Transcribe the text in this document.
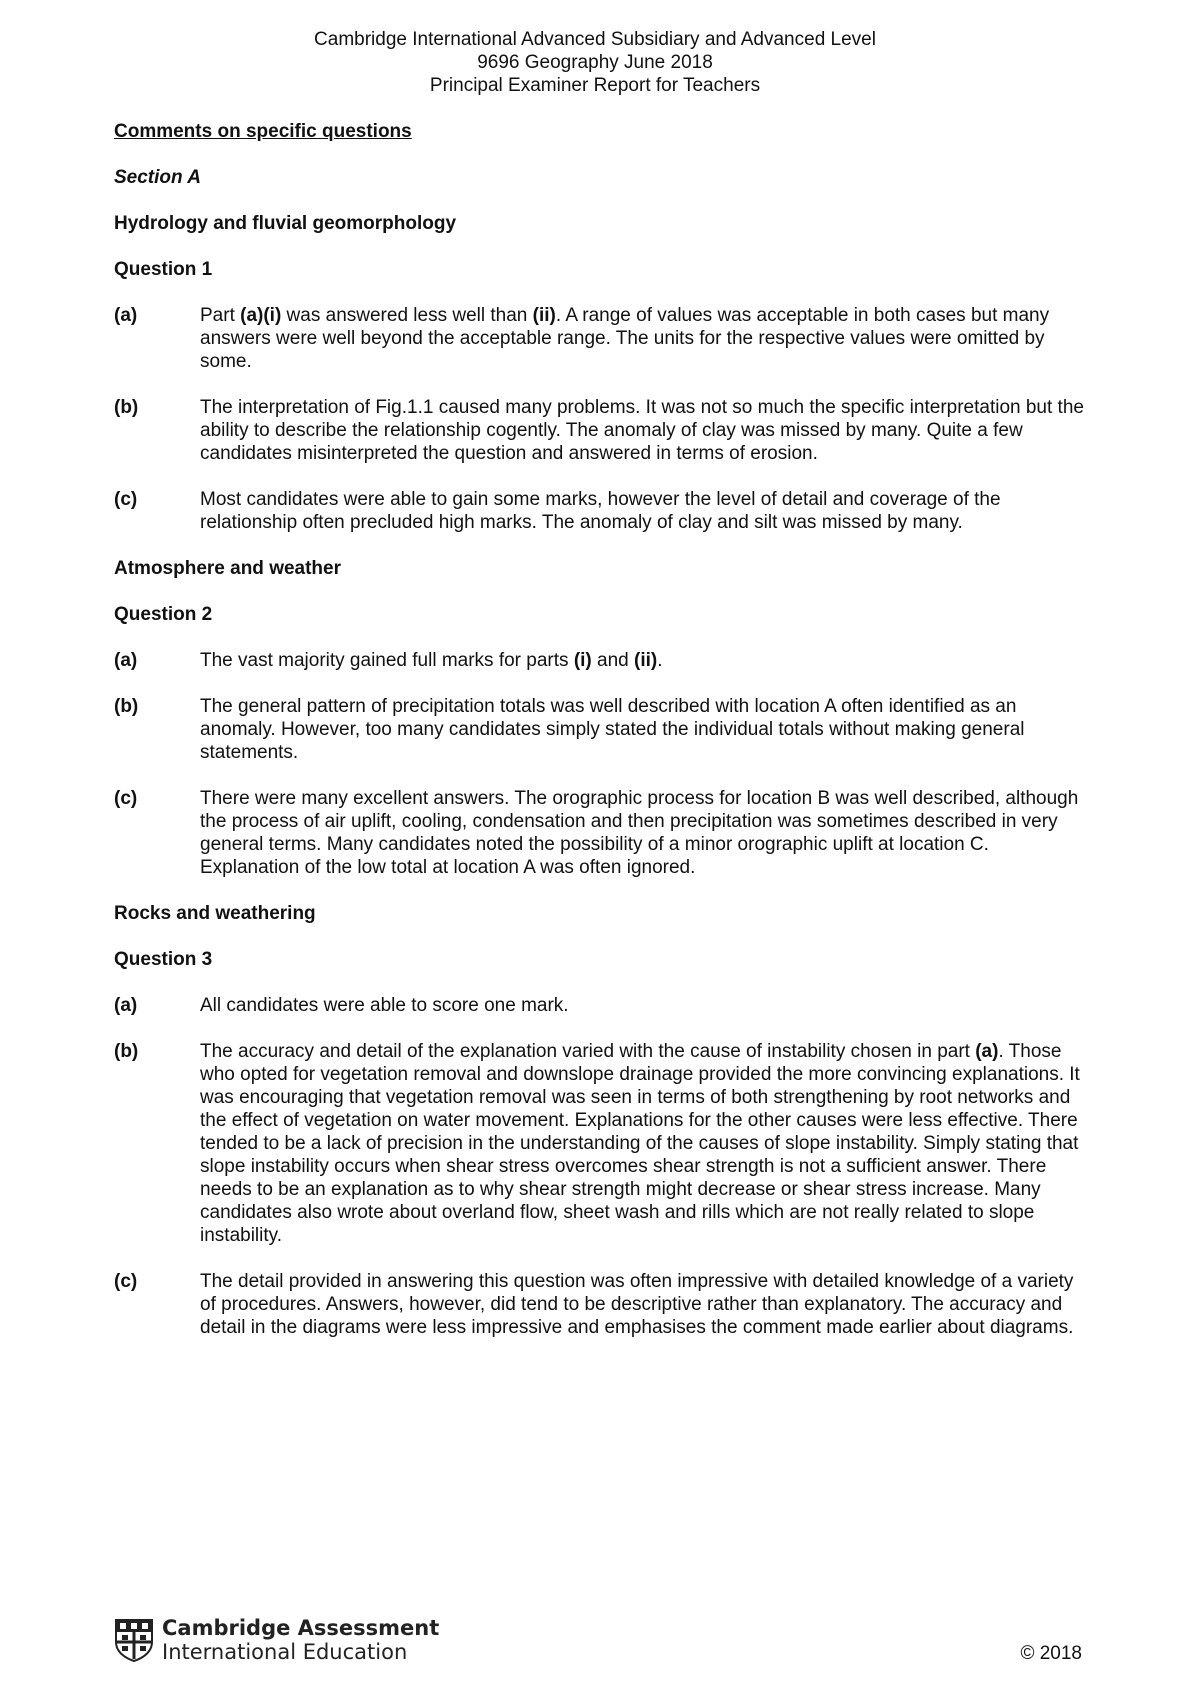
Cambridge International Advanced Subsidiary and Advanced Level
9696 Geography June 2018
Principal Examiner Report for Teachers
Comments on specific questions
Section A
Hydrology and fluvial geomorphology
Question 1
(a)	Part (a)(i) was answered less well than (ii). A range of values was acceptable in both cases but many answers were well beyond the acceptable range. The units for the respective values were omitted by some.
(b)	The interpretation of Fig.1.1 caused many problems. It was not so much the specific interpretation but the ability to describe the relationship cogently. The anomaly of clay was missed by many. Quite a few candidates misinterpreted the question and answered in terms of erosion.
(c)	Most candidates were able to gain some marks, however the level of detail and coverage of the relationship often precluded high marks. The anomaly of clay and silt was missed by many.
Atmosphere and weather
Question 2
(a)	The vast majority gained full marks for parts (i) and (ii).
(b)	The general pattern of precipitation totals was well described with location A often identified as an anomaly. However, too many candidates simply stated the individual totals without making general statements.
(c)	There were many excellent answers. The orographic process for location B was well described, although the process of air uplift, cooling, condensation and then precipitation was sometimes described in very general terms. Many candidates noted the possibility of a minor orographic uplift at location C. Explanation of the low total at location A was often ignored.
Rocks and weathering
Question 3
(a)	All candidates were able to score one mark.
(b)	The accuracy and detail of the explanation varied with the cause of instability chosen in part (a). Those who opted for vegetation removal and downslope drainage provided the more convincing explanations. It was encouraging that vegetation removal was seen in terms of both strengthening by root networks and the effect of vegetation on water movement. Explanations for the other causes were less effective. There tended to be a lack of precision in the understanding of the causes of slope instability. Simply stating that slope instability occurs when shear stress overcomes shear strength is not a sufficient answer. There needs to be an explanation as to why shear strength might decrease or shear stress increase. Many candidates also wrote about overland flow, sheet wash and rills which are not really related to slope instability.
(c)	The detail provided in answering this question was often impressive with detailed knowledge of a variety of procedures. Answers, however, did tend to be descriptive rather than explanatory. The accuracy and detail in the diagrams were less impressive and emphasises the comment made earlier about diagrams.
Cambridge Assessment
International Education	© 2018
